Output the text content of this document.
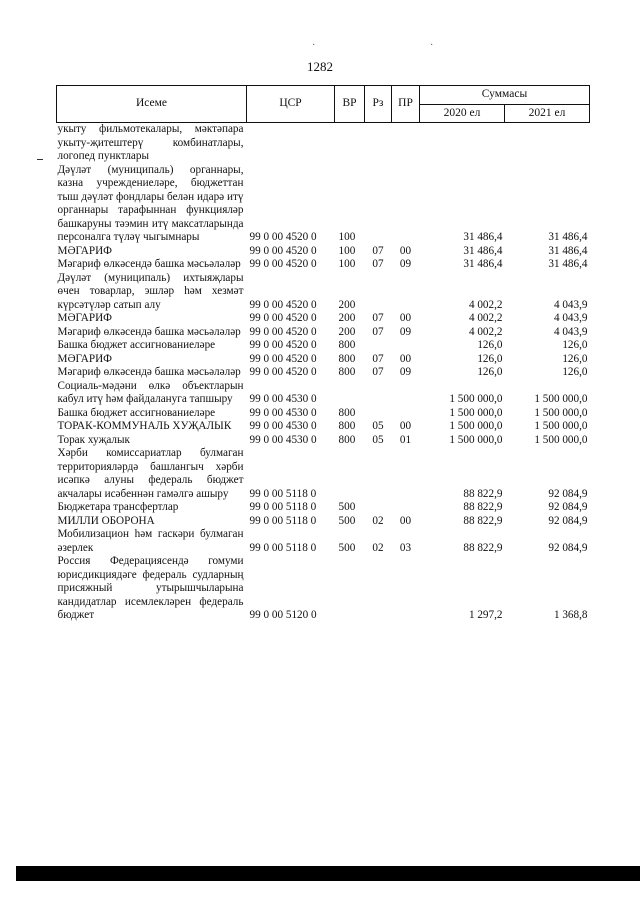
·	·
1282
Исеме	ЦСР	ВР	Рз	ПР	Суммасы	
					2020 ел	2021 ел
укыту фильмотекалары, мәктәпара укыту-җитештерү комбинатлары, логопед пунктлары						
Дәүләт (муниципаль) органнары, казна учреждениеләре, бюджеттан тыш дәүләт фондлары белән идарә итү органнары тарафыннан функцияләр башкаруны тәэмин итү максатларында персоналга түләү чыгымнары	99 0 00 4520 0	100			31 486,4	31 486,4
МӘГАРИФ	99 0 00 4520 0	100	07	00	31 486,4	31 486,4
Мәгариф өлкәсендә башка мәсьәләләр	99 0 00 4520 0	100	07	09	31 486,4	31 486,4
Дәүләт (муниципаль) ихтыяҗлары өчен товарлар, эшләр һәм хезмәт күрсәтүләр сатып алу	99 0 00 4520 0	200			4 002,2	4 043,9
МӘГАРИФ	99 0 00 4520 0	200	07	00	4 002,2	4 043,9
Мәгариф өлкәсендә башка мәсьәләләр	99 0 00 4520 0	200	07	09	4 002,2	4 043,9
Башка бюджет ассигнованиеләре	99 0 00 4520 0	800			126,0	126,0
МӘГАРИФ	99 0 00 4520 0	800	07	00	126,0	126,0
Мәгариф өлкәсендә башка мәсьәләләр	99 0 00 4520 0	800	07	09	126,0	126,0
Социаль-мәдәни өлкә объектларын кабул итү һәм файдалануга тапшыру	99 0 00 4530 0				1 500 000,0	1 500 000,0
Башка бюджет ассигнованиеләре	99 0 00 4530 0	800			1 500 000,0	1 500 000,0
ТОРАК-КОММУНАЛЬ ХУҖАЛЫК	99 0 00 4530 0	800	05	00	1 500 000,0	1 500 000,0
Торак хуҗалык	99 0 00 4530 0	800	05	01	1 500 000,0	1 500 000,0
Хәрби комиссариатлар булмаган территорияләрдә башлангыч хәрби исәпкә алуны федераль бюджет акчалары исәбеннән гамәлгә ашыру	99 0 00 5118 0				88 822,9	92 084,9
Бюджетара трансфертлар	99 0 00 5118 0	500			88 822,9	92 084,9
МИЛЛИ ОБОРОНА	99 0 00 5118 0	500	02	00	88 822,9	92 084,9
Мобилизацион һәм гаскәри булмаган әзерлек	99 0 00 5118 0	500	02	03	88 822,9	92 084,9
Россия Федерациясендә гомуми юрисдикциядәге федераль судларның присяжный утырышчыларына кандидатлар исемлекләрен федераль бюджет	99 0 00 5120 0				1 297,2	1 368,8
